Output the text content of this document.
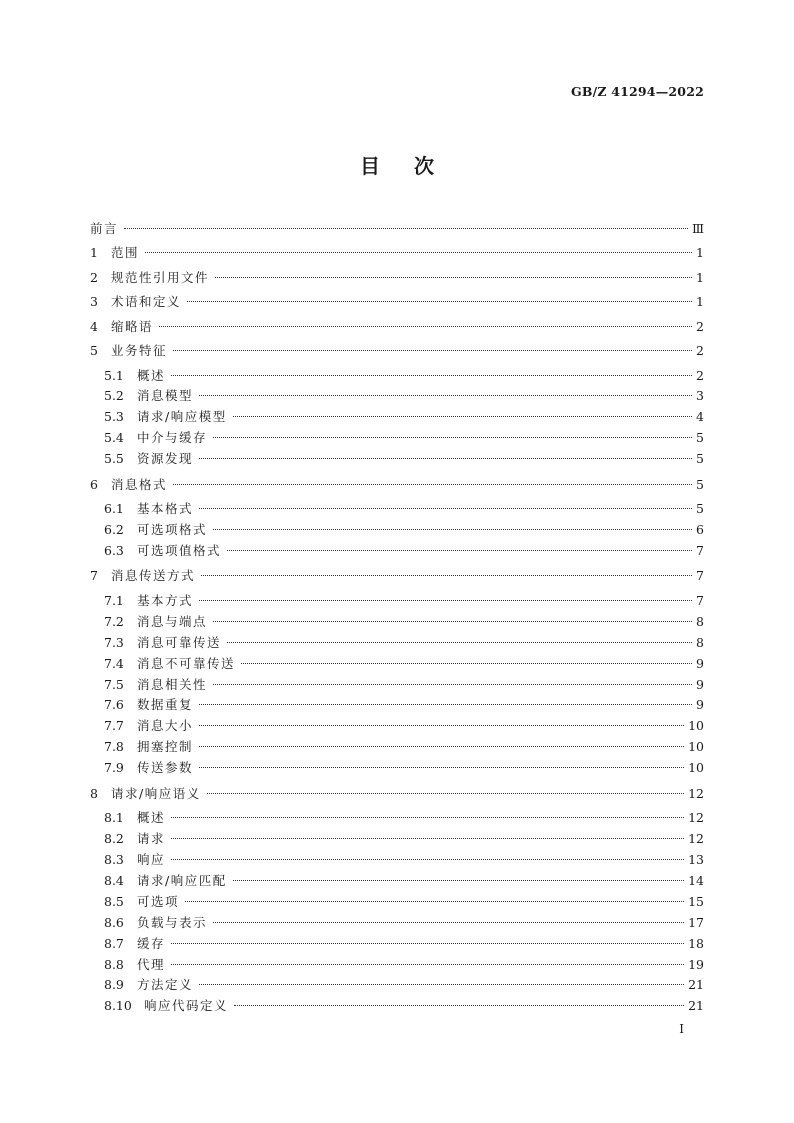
GB/Z 41294—2022
目次
前言	Ⅲ
1	范围	1
2	规范性引用文件	1
3	术语和定义	1
4	缩略语	2
5	业务特征	2
5.1	概述	2
5.2	消息模型	3
5.3	请求/响应模型	4
5.4	中介与缓存	5
5.5	资源发现	5
6	消息格式	5
6.1	基本格式	5
6.2	可选项格式	6
6.3	可选项值格式	7
7	消息传送方式	7
7.1	基本方式	7
7.2	消息与端点	8
7.3	消息可靠传送	8
7.4	消息不可靠传送	9
7.5	消息相关性	9
7.6	数据重复	9
7.7	消息大小	10
7.8	拥塞控制	10
7.9	传送参数	10
8	请求/响应语义	12
8.1	概述	12
8.2	请求	12
8.3	响应	13
8.4	请求/响应匹配	14
8.5	可选项	15
8.6	负载与表示	17
8.7	缓存	18
8.8	代理	19
8.9	方法定义	21
8.10 响应代码定义	21
I
